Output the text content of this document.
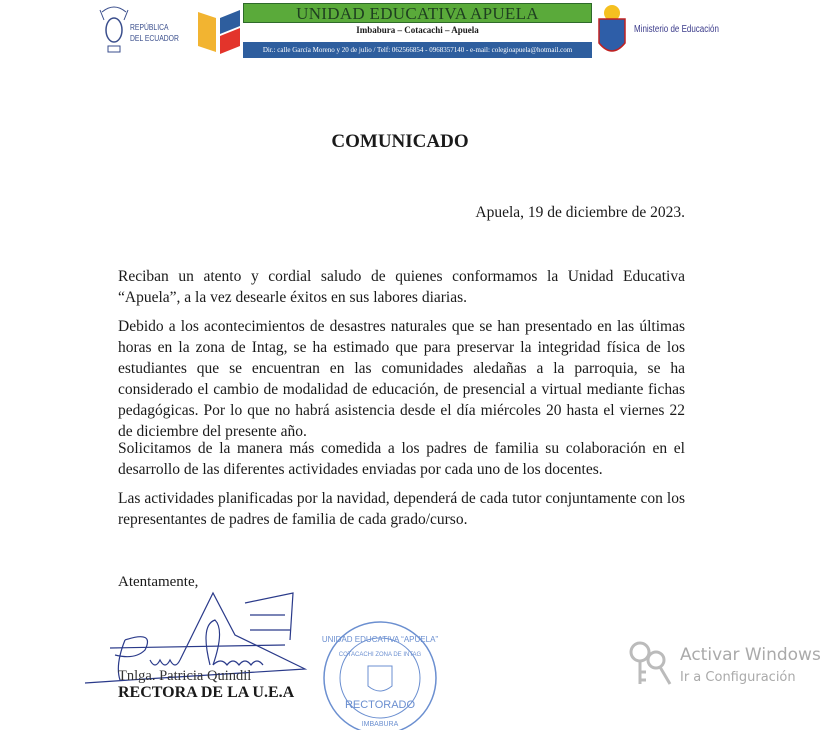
REPÚBLICA
DEL ECUADOR
UNIDAD EDUCATIVA APUELA
Imbabura – Cotacachi – Apuela
Dir.: calle García Moreno y 20 de julio / Telf: 062566854 - 0968357140 - e-mail: colegioapuela@hotmail.com
Ministerio de Educación
COMUNICADO
Apuela, 19 de diciembre de 2023.
Reciban un atento y cordial saludo de quienes conformamos la Unidad Educativa “Apuela”, a la vez desearle éxitos en sus labores diarias.
Debido a los acontecimientos de desastres naturales que se han presentado en las últimas horas en la zona de Intag, se ha estimado que para preservar la integridad física de los estudiantes que se encuentran en las comunidades aledañas a la parroquia, se ha considerado el cambio de modalidad de educación, de presencial a virtual mediante fichas pedagógicas. Por lo que no habrá asistencia desde el día miércoles 20 hasta el viernes 22 de diciembre del presente año.
Solicitamos de la manera más comedida a los padres de familia su colaboración en el desarrollo de las diferentes actividades enviadas por cada uno de los docentes.
Las actividades planificadas por la navidad, dependerá de cada tutor conjuntamente con los representantes de padres de familia de cada grado/curso.
Atentamente,
Tnlga. Patricia Quindil
RECTORA DE LA U.E.A
RECTORADO
UNIDAD EDUCATIVA “APUELA”
COTACACHI ZONA DE INTAG
IMBABURA
Activar Windows
Ir a Configuración
